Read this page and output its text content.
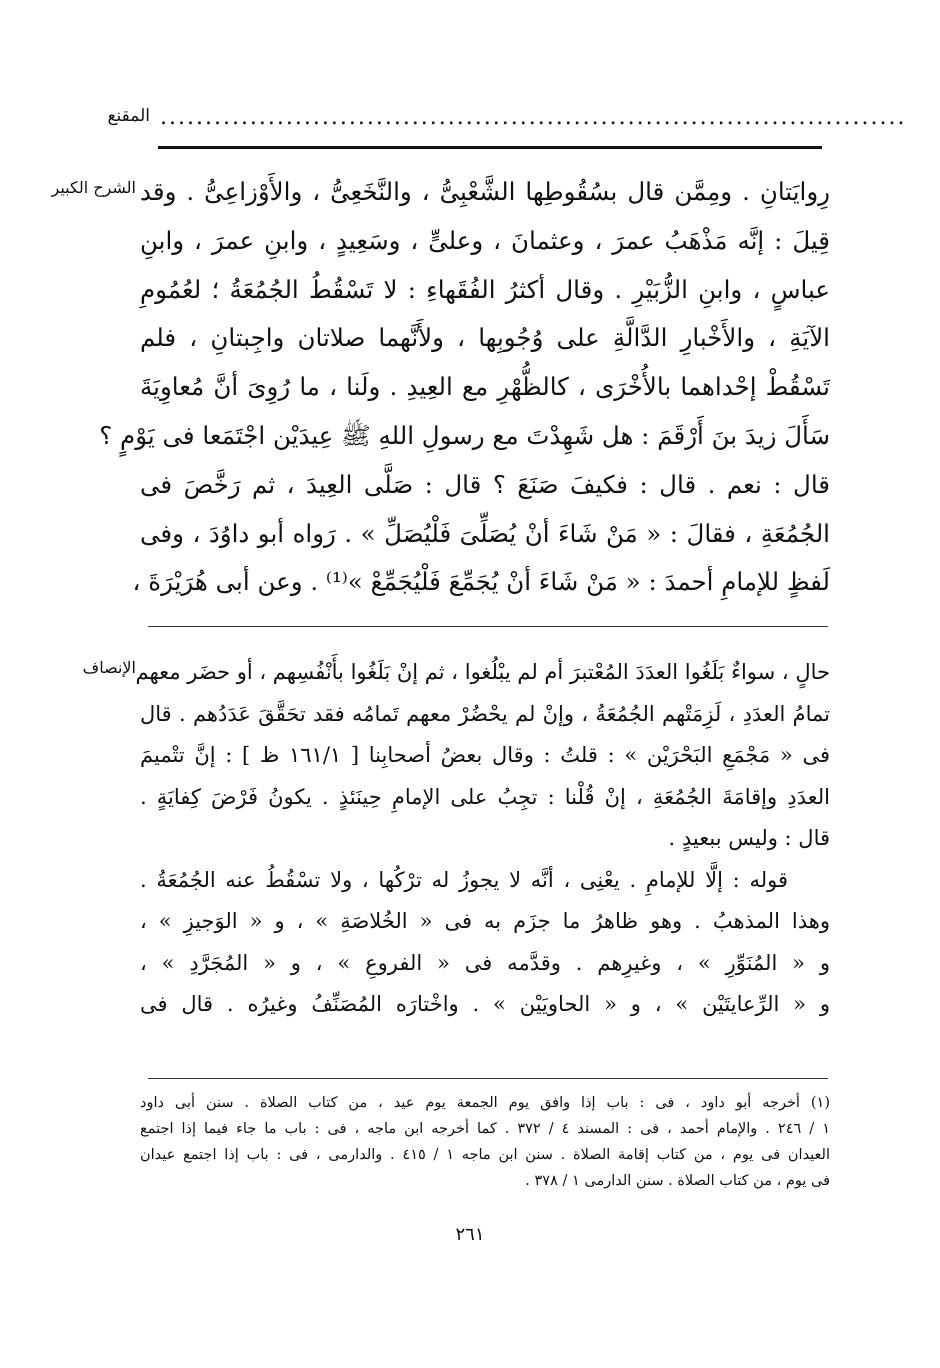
المقنع ...................................................................................
الشرح الكبير رِوايَتانِ . ومِمَّن قال بسُقُوطِها الشَّعْبِىُّ ، والنَّخَعِىُّ ، والأَوْزاعِىُّ . وقد
قِيلَ : إنَّه مَذْهَبُ عمرَ ، وعثمانَ ، وعلىٍّ ، وسَعِيدٍ ، وابنِ عمرَ ، وابنِ
عباسٍ ، وابنِ الزُّبَيْرِ . وقال أكثرُ الفُقَهاءِ : لا تَسْقُطُ الجُمُعَةُ ؛ لعُمُومِ
الآيَةِ ، والأَخْبارِ الدَّالَّةِ على وُجُوبِها ، ولأَنَّهما صلاتان واجِبتانِ ، فلم
تَسْقُطْ إحْداهما بالأُخْرَى ، كالظُّهْرِ مع العِيدِ . ولَنا ، ما رُوِىَ أنَّ مُعاوِيَةَ
سَأَلَ زيدَ بنَ أَرْقَمَ : هل شَهِدْتَ مع رسولِ اللهِ ﷺ عِيدَيْن اجْتَمَعا فى يَوْمٍ ؟
قال : نعم . قال : فكيفَ صَنَعَ ؟ قال : صَلَّى العِيدَ ، ثم رَخَّصَ فى
الجُمُعَةِ ، فقالَ : « مَنْ شَاءَ أنْ يُصَلِّىَ فَلْيُصَلِّ » . رَواه أبو داوُدَ ، وفى
لَفظٍ للإمامِ أحمدَ : « مَنْ شَاءَ أنْ يُجَمِّعَ فَلْيُجَمِّعْ »⁽¹⁾ . وعن أبى هُرَيْرَةَ ،
الإنصاف حالٍ ، سواءٌ بَلَغُوا العدَدَ المُعْتبرَ أم لم يبْلُغوا ، ثم إنْ بَلَغُوا بأَنْفُسِهم ، أو حضَر معهم
تمامُ العدَدِ ، لَزِمَتْهم الجُمُعَةُ ، وإنْ لم يحْضُرْ معهم تَمامُه فقد تحَقَّقَ عَدَدُهم . قال
فى « مَجْمَعِ البَحْرَيْن » : قلتُ : وقال بعضُ أصحابِنا [ ١٦١/١ ظ ] : إنَّ تتْميمَ
العدَدِ وإقامَةَ الجُمُعَةِ ، إنْ قُلْنا : تجِبُ على الإمامِ حِينَئذٍ . يكونُ فَرْضَ كِفايَةٍ .
قال : وليس ببعيدٍ .
قوله : إلَّا للإمامِ . يعْنِى ، أنَّه لا يجوزُ له ترْكُها ، ولا تسْقُطُ عنه الجُمُعَةُ .
وهذا المذهبُ . وهو ظاهرُ ما جزَم به فى « الخُلاصَةِ » ، و « الوَجيزِ » ،
و « المُنَوِّرِ » ، وغيرِهم . وقدَّمه فى « الفروعِ » ، و « المُجَرَّدِ » ،
و « الرِّعايتَيْن » ، و « الحاويَيْن » . واخْتارَه المُصَنِّفُ وغيرُه . قال فى
(١) أخرجه أبو داود ، فى : باب إذا وافق يوم الجمعة يوم عيد ، من كتاب الصلاة . سنن أبى داود
١ / ٢٤٦ . والإمام أحمد ، فى : المسند ٤ / ٣٧٢ . كما أخرجه ابن ماجه ، فى : باب ما جاء فيما إذا اجتمع
العيدان فى يوم ، من كتاب إقامة الصلاة . سنن ابن ماجه ١ / ٤١٥ . والدارمى ، فى : باب إذا اجتمع عيدان
فى يوم ، من كتاب الصلاة . سنن الدارمى ١ / ٣٧٨ .
٢٦١
